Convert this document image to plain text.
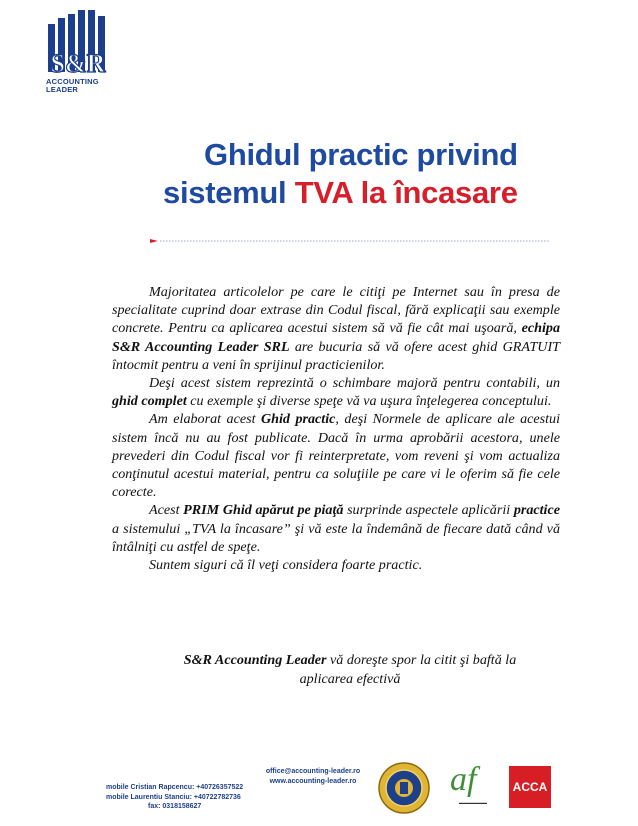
S&R
ACCOUNTING
LEADER
Ghidul practic privind
sistemul TVA la încasare

Majoritatea articolelor pe care le citiţi pe Internet sau în presa de specialitate cuprind doar extrase din Codul fiscal, fără explicaţii sau exemple concrete. Pentru ca aplicarea acestui sistem să vă fie cât mai uşoară, echipa S&R Accounting Leader SRL are bucuria să vă ofere acest ghid GRATUIT întocmit pentru a veni în sprijinul practicienilor.

Deşi acest sistem reprezintă o schimbare majoră pentru contabili, un ghid complet cu exemple şi diverse speţe vă va uşura înţelegerea conceptului.

Am elaborat acest Ghid practic, deşi Normele de aplicare ale acestui sistem încă nu au fost publicate. Dacă în urma aprobării acestora, unele prevederi din Codul fiscal vor fi reinterpretate, vom reveni şi vom actualiza conţinutul acestui material, pentru ca soluţiile pe care vi le oferim să fie cele corecte.

Acest PRIM Ghid apărut pe piaţă surprinde aspectele aplicării practice a sistemului „TVA la încasare” şi vă este la îndemână de fiecare dată când vă întâlniţi cu astfel de speţe.

Suntem siguri că îl veţi considera foarte practic.

S&R Accounting Leader vă doreşte spor la citit şi baftă la
aplicarea efectivă
mobile Cristian Rapcencu: +40726357522
mobile Laurentiu Stanciu: +40722782736
fax: 0318158627
office@accounting-leader.ro
www.accounting-leader.ro	af
▬▬▬▬▬▬▬
ACCA
